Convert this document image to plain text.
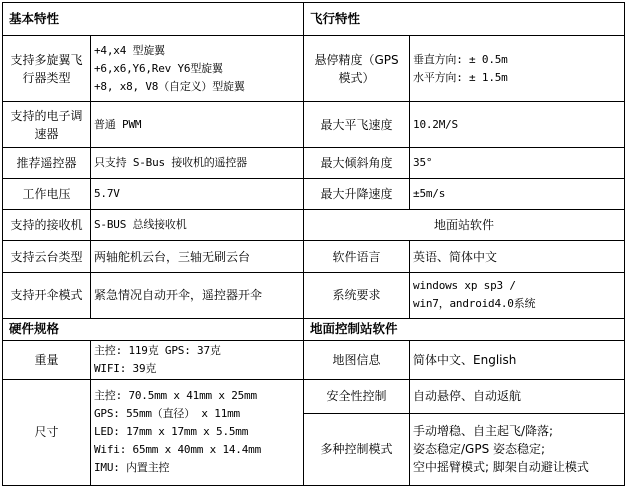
基本特性		飞行特性	
支持多旋翼飞行器类型	+4,x4 型旋翼
+6,x6,Y6,Rev Y6型旋翼
+8, x8, V8（自定义）型旋翼	悬停精度（GPS 模式）	垂直方向: ± 0.5m
水平方向: ± 1.5m

支持的电子调速器	普通 PWM	最大平飞速度	10.2M/S
推荐遥控器	只支持 S-Bus 接收机的遥控器	最大倾斜角度	35°
工作电压	5.7V	最大升降速度	±5m/s
支持的接收机	S-BUS 总线接收机	地面站软件	
支持云台类型	两轴舵机云台，三轴无刷云台	软件语言	英语、简体中文
支持开伞模式	紧急情况自动开伞，遥控器开伞	系统要求	windows xp sp3 /
win7，android4.0系统

硬件规格		地面控制站软件	
重量	主控: 119克 GPS: 37克
WIFI: 39克	地图信息	简体中文、English
尺寸	主控: 70.5mm x 41mm x 25mm
GPS: 55mm（直径） x 11mm
LED: 17mm x 17mm x 5.5mm
Wifi: 65mm x 40mm x 14.4mm
IMU: 内置主控	安全性控制	自动悬停、自动返航
		多种控制模式	手动增稳、自主起飞/降落;
姿态稳定/GPS 姿态稳定;
空中摇臂模式; 脚架自动避让模式
